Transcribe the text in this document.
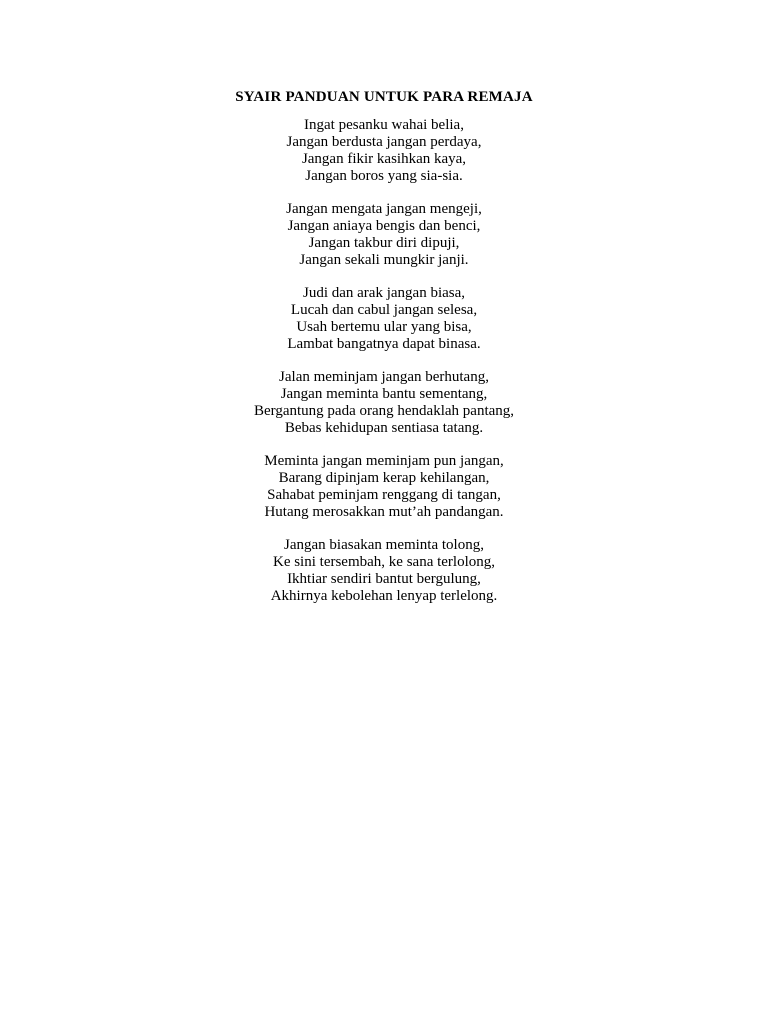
SYAIR PANDUAN UNTUK PARA REMAJA
Ingat pesanku wahai belia,
Jangan berdusta jangan perdaya,
Jangan fikir kasihkan kaya,
Jangan boros yang sia-sia.
Jangan mengata jangan mengeji,
Jangan aniaya bengis dan benci,
Jangan takbur diri dipuji,
Jangan sekali mungkir janji.
Judi dan arak jangan biasa,
Lucah dan cabul jangan selesa,
Usah bertemu ular yang bisa,
Lambat bangatnya dapat binasa.
Jalan meminjam jangan berhutang,
Jangan meminta bantu sementang,
Bergantung pada orang hendaklah pantang,
Bebas kehidupan sentiasa tatang.
Meminta jangan meminjam pun jangan,
Barang dipinjam kerap kehilangan,
Sahabat peminjam renggang di tangan,
Hutang merosakkan mut’ah pandangan.
Jangan biasakan meminta tolong,
Ke sini tersembah, ke sana terlolong,
Ikhtiar sendiri bantut bergulung,
Akhirnya kebolehan lenyap terlelong.
